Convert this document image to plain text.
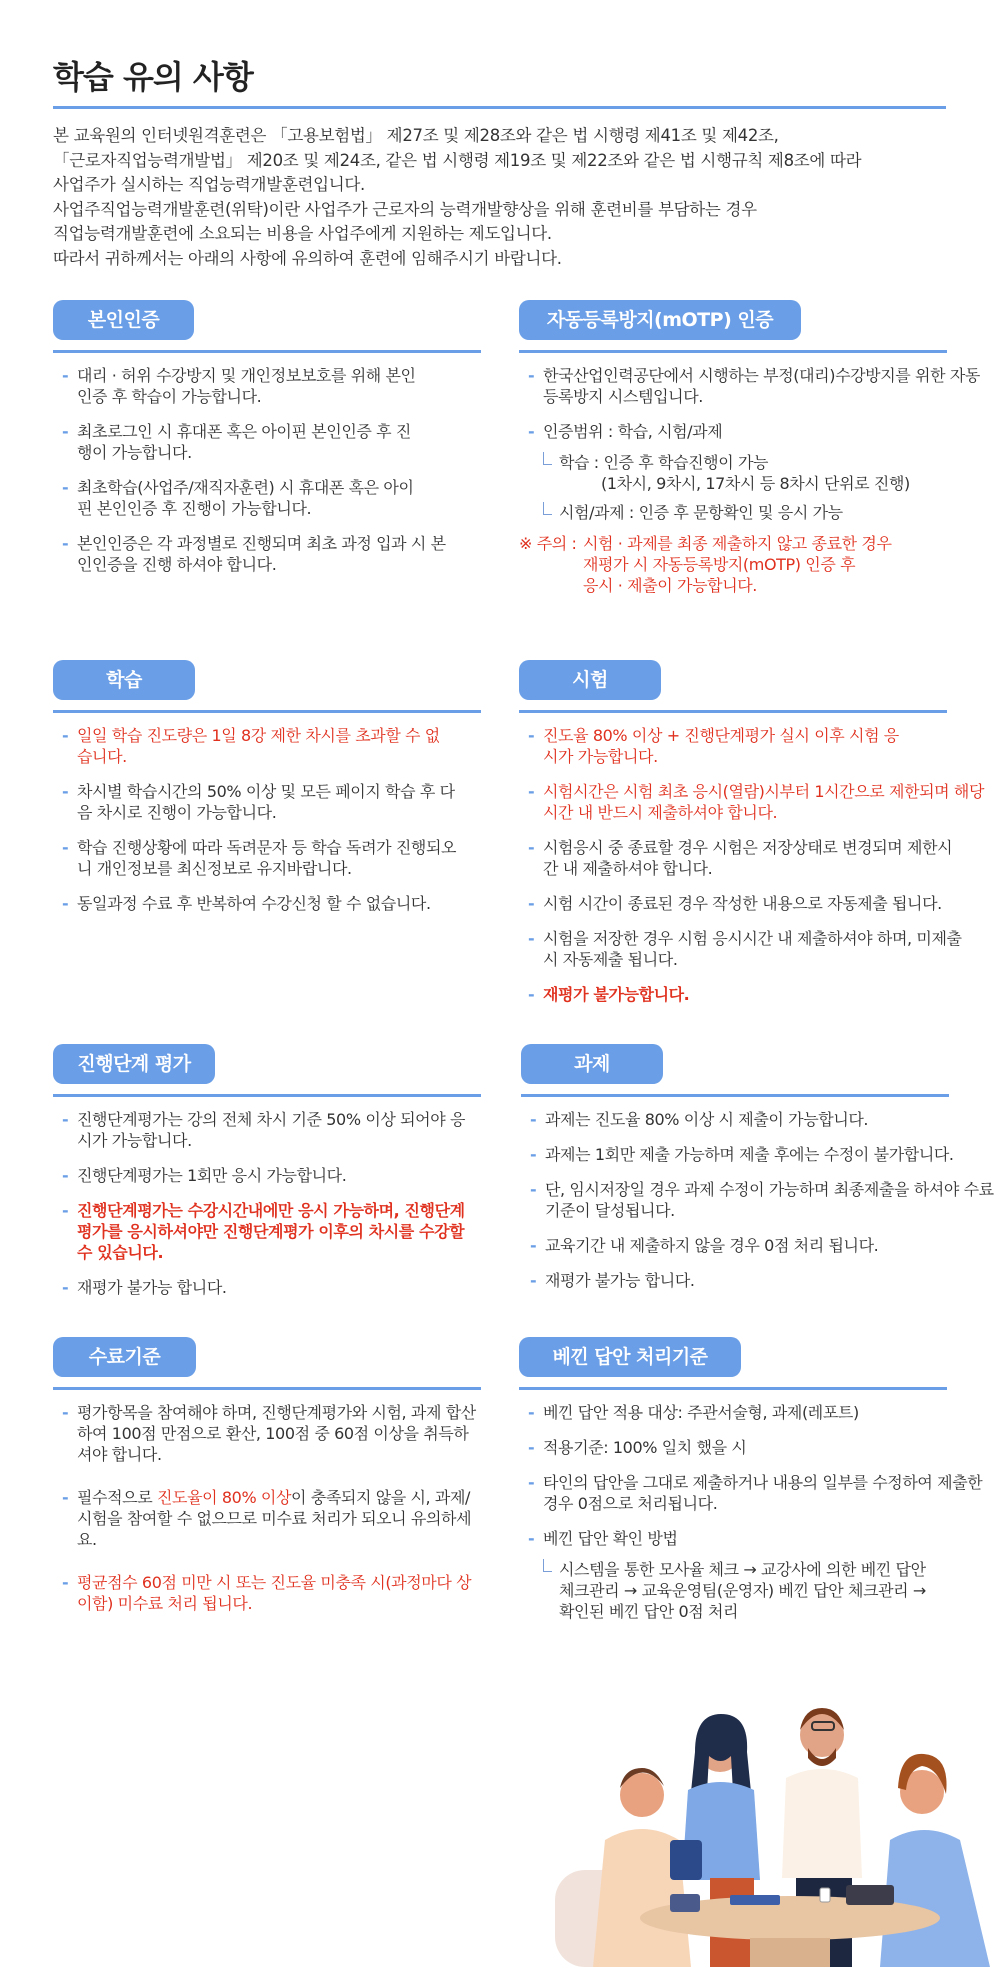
학습 유의 사항
본 교육원의 인터넷원격훈련은 「고용보험법」 제27조 및 제28조와 같은 법 시행령 제41조 및 제42조,
「근로자직업능력개발법」 제20조 및 제24조, 같은 법 시행령 제19조 및 제22조와 같은 법 시행규칙 제8조에 따라
사업주가 실시하는 직업능력개발훈련입니다.
사업주직업능력개발훈련(위탁)이란 사업주가 근로자의 능력개발향상을 위해 훈련비를 부담하는 경우
직업능력개발훈련에 소요되는 비용을 사업주에게 지원하는 제도입니다.
따라서 귀하께서는 아래의 사항에 유의하여 훈련에 임해주시기 바랍니다.
본인인증
- 대리 · 허위 수강방지 및 개인정보보호를 위해 본인인증 후 학습이 가능합니다.
- 최초로그인 시 휴대폰 혹은 아이핀 본인인증 후 진행이 가능합니다.
- 최초학습(사업주/재직자훈련) 시 휴대폰 혹은 아이핀 본인인증 후 진행이 가능합니다.
- 본인인증은 각 과정별로 진행되며 최초 과정 입과 시 본인인증을 진행 하셔야 합니다.
자동등록방지(mOTP) 인증
- 한국산업인력공단에서 시행하는 부정(대리)수강방지를 위한 자동등록방지 시스템입니다.
- 인증범위 : 학습, 시험/과제
학습 : 인증 후 학습진행이 가능
(1차시, 9차시, 17차시 등 8차시 단위로 진행)
시험/과제 : 인증 후 문항확인 및 응시 가능
※ 주의 : 시험 · 과제를 최종 제출하지 않고 종료한 경우
재평가 시 자동등록방지(mOTP) 인증 후
응시 · 제출이 가능합니다.
학습
- 일일 학습 진도량은 1일 8강 제한 차시를 초과할 수 없습니다.
- 차시별 학습시간의 50% 이상 및 모든 페이지 학습 후 다음 차시로 진행이 가능합니다.
- 학습 진행상황에 따라 독려문자 등 학습 독려가 진행되오니 개인정보를 최신정보로 유지바랍니다.
- 동일과정 수료 후 반복하여 수강신청 할 수 없습니다.
시험
- 진도율 80% 이상 + 진행단계평가 실시 이후 시험 응시가 가능합니다.
- 시험시간은 시험 최초 응시(열람)시부터 1시간으로 제한되며 해당 시간 내 반드시 제출하셔야 합니다.
- 시험응시 중 종료할 경우 시험은 저장상태로 변경되며 제한시간 내 제출하셔야 합니다.
- 시험 시간이 종료된 경우 작성한 내용으로 자동제출 됩니다.
- 시험을 저장한 경우 시험 응시시간 내 제출하셔야 하며, 미제출시 자동제출 됩니다.
- 재평가 불가능합니다.
진행단계 평가
- 진행단계평가는 강의 전체 차시 기준 50% 이상 되어야 응시가 가능합니다.
- 진행단계평가는 1회만 응시 가능합니다.
- 진행단계평가는 수강시간내에만 응시 가능하며, 진행단계 평가를 응시하셔야만 진행단계평가 이후의 차시를 수강할 수 있습니다.
- 재평가 불가능 합니다.
과제
- 과제는 진도율 80% 이상 시 제출이 가능합니다.
- 과제는 1회만 제출 가능하며 제출 후에는 수정이 불가합니다.
- 단, 임시저장일 경우 과제 수정이 가능하며 최종제출을 하셔야 수료기준이 달성됩니다.
- 교육기간 내 제출하지 않을 경우 0점 처리 됩니다.
- 재평가 불가능 합니다.
수료기준
- 평가항목을 참여해야 하며, 진행단계평가와 시험, 과제 합산하여 100점 만점으로 환산, 100점 중 60점 이상을 취득하셔야 합니다.
- 필수적으로 진도율이 80% 이상이 충족되지 않을 시, 과제/시험을 참여할 수 없으므로 미수료 처리가 되오니 유의하세요.
- 평균점수 60점 미만 시 또는 진도율 미충족 시(과정마다 상이함) 미수료 처리 됩니다.
베낀 답안 처리기준
- 베낀 답안 적용 대상: 주관서술형, 과제(레포트)
- 적용기준: 100% 일치 했을 시
- 타인의 답안을 그대로 제출하거나 내용의 일부를 수정하여 제출한 경우 0점으로 처리됩니다.
- 베낀 답안 확인 방법
시스템을 통한 모사율 체크 → 교강사에 의한 베낀 답안 체크관리 → 교육운영팀(운영자) 베낀 답안 체크관리 → 확인된 베낀 답안 0점 처리
